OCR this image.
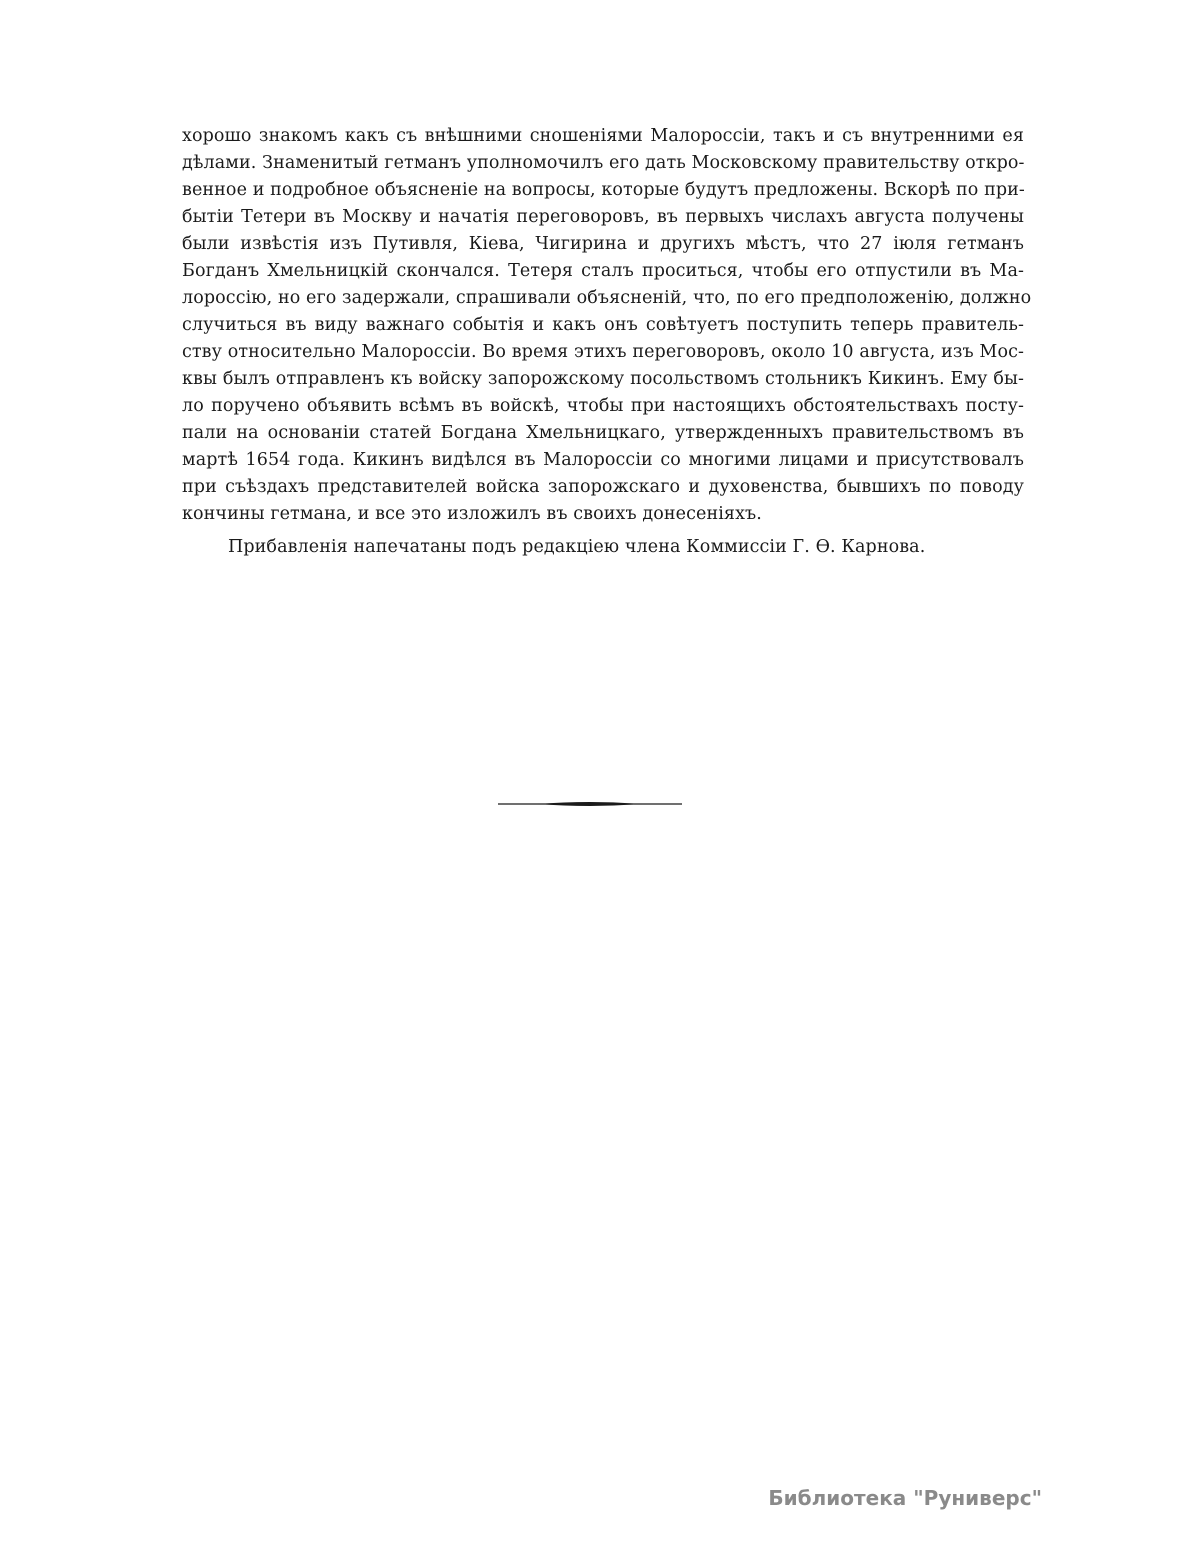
хорошо знакомъ какъ съ внѣшними сношеніями Малороссіи, такъ и съ внутренними ея
дѣлами. Знаменитый гетманъ уполномочилъ его дать Московскому правительству откро-
венное и подробное объясненіе на вопросы, которые будутъ предложены. Вскорѣ по при-
бытіи Тетери въ Москву и начатія переговоровъ, въ первыхъ числахъ августа получены
были извѣстія изъ Путивля, Кіева, Чигирина и другихъ мѣстъ, что 27 іюля гетманъ
Богданъ Хмельницкій скончался. Тетеря сталъ проситься, чтобы его отпустили въ Ма-
лороссію, но его задержали, спрашивали объясненій, что, по его предположенію, должно
случиться въ виду важнаго событія и какъ онъ совѣтуетъ поступить теперь правитель-
ству относительно Малороссіи. Во время этихъ переговоровъ, около 10 августа, изъ Мос-
квы былъ отправленъ къ войску запорожскому посольствомъ стольникъ Кикинъ. Ему бы-
ло поручено объявить всѣмъ въ войскѣ, чтобы при настоящихъ обстоятельствахъ посту-
пали на основаніи статей Богдана Хмельницкаго, утвержденныхъ правительствомъ въ
мартѣ 1654 года. Кикинъ видѣлся въ Малороссіи со многими лицами и присутствовалъ
при съѣздахъ представителей войска запорожскаго и духовенства, бывшихъ по поводу
кончины гетмана, и все это изложилъ въ своихъ донесеніяхъ.
Прибавленія напечатаны подъ редакціею члена Коммиссіи Г. Ѳ. Карнова.
Библиотека "Руниверс"
